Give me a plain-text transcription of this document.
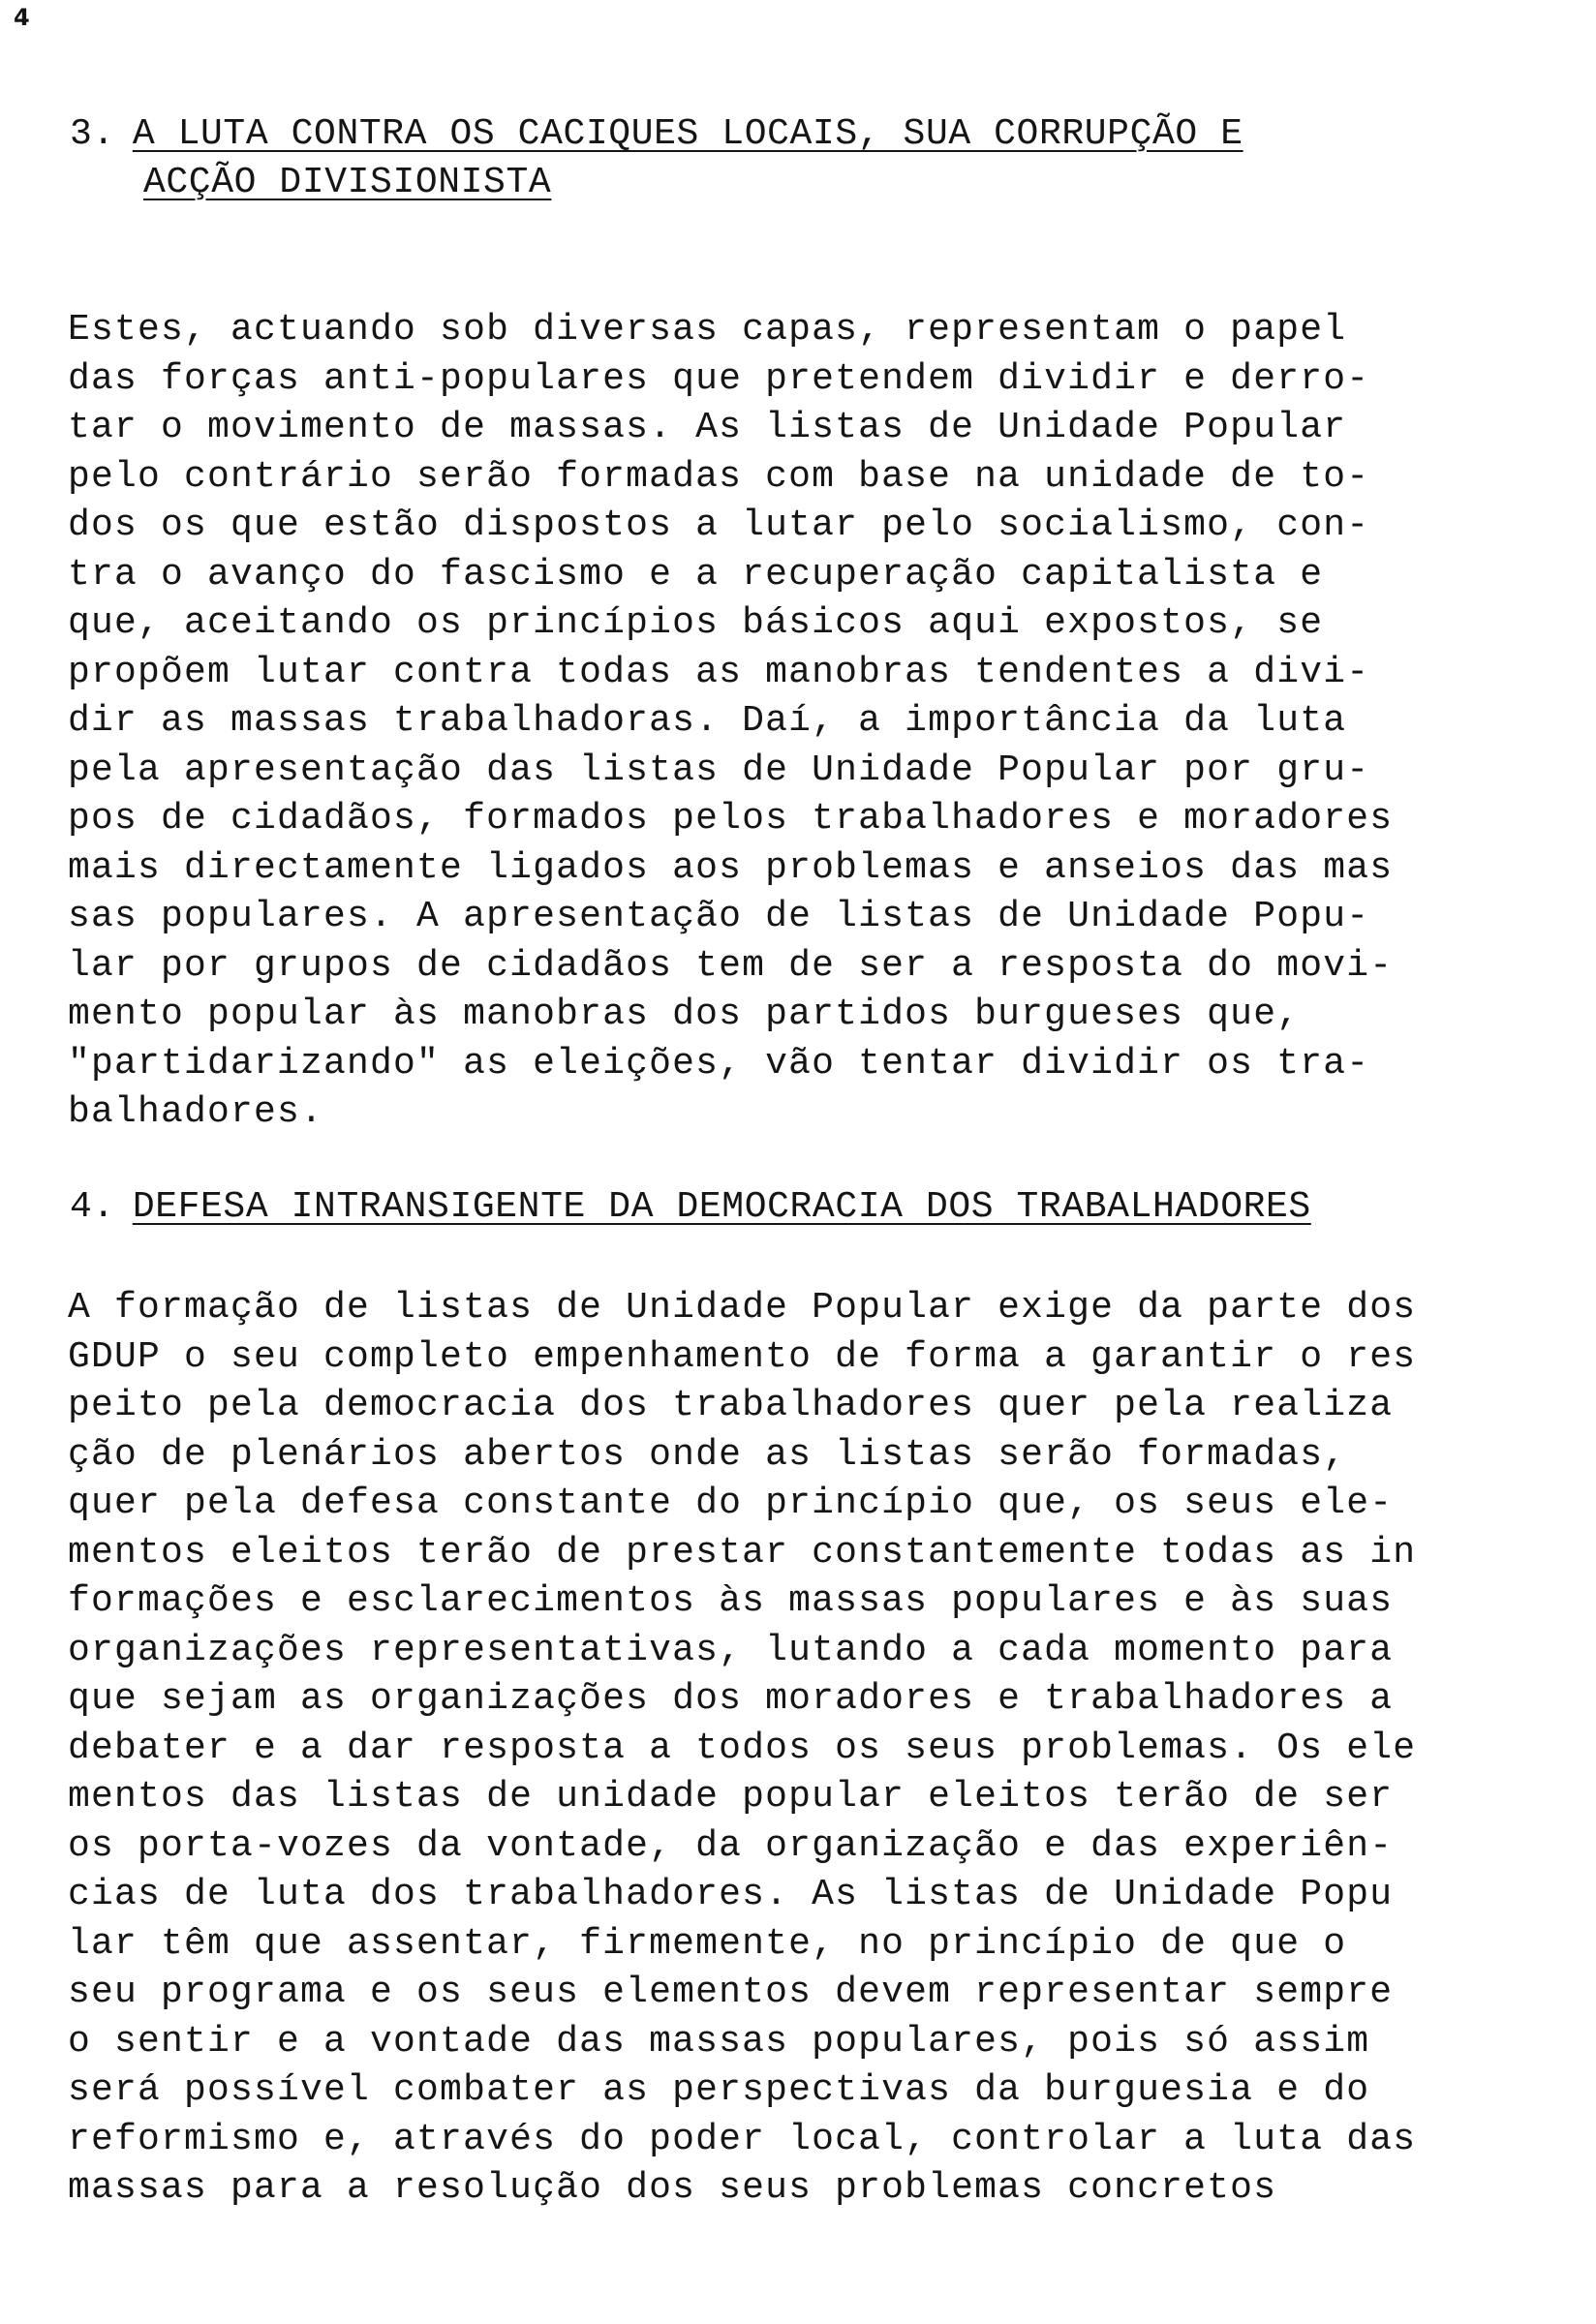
4

3. A LUTA CONTRA OS CACIQUES LOCAIS, SUA CORRUPÇÃO E
ACÇÃO DIVISIONISTA
Estes, actuando sob diversas capas, representam o papel
das forças anti-populares que pretendem dividir e derro-
tar o movimento de massas. As listas de Unidade Popular
pelo contrário serão formadas com base na unidade de to-
dos os que estão dispostos a lutar pelo socialismo, con-
tra o avanço do fascismo e a recuperação capitalista e
que, aceitando os princípios básicos aqui expostos, se
propõem lutar contra todas as manobras tendentes a divi-
dir as massas trabalhadoras. Daí, a importância da luta
pela apresentação das listas de Unidade Popular por gru-
pos de cidadãos, formados pelos trabalhadores e moradores
mais directamente ligados aos problemas e anseios das mas
sas populares. A apresentação de listas de Unidade Popu-
lar por grupos de cidadãos tem de ser a resposta do movi-
mento popular às manobras dos partidos burgueses que,
"partidarizando" as eleições, vão tentar dividir os tra-
balhadores.
4. DEFESA INTRANSIGENTE DA DEMOCRACIA DOS TRABALHADORES
A formação de listas de Unidade Popular exige da parte dos
GDUP o seu completo empenhamento de forma a garantir o res
peito pela democracia dos trabalhadores quer pela realiza
ção de plenários abertos onde as listas serão formadas,
quer pela defesa constante do princípio que, os seus ele-
mentos eleitos terão de prestar constantemente todas as in
formações e esclarecimentos às massas populares e às suas
organizações representativas, lutando a cada momento para
que sejam as organizações dos moradores e trabalhadores a
debater e a dar resposta a todos os seus problemas. Os ele
mentos das listas de unidade popular eleitos terão de ser
os porta-vozes da vontade, da organização e das experiên-
cias de luta dos trabalhadores. As listas de Unidade Popu
lar têm que assentar, firmemente, no princípio de que o
seu programa e os seus elementos devem representar sempre
o sentir e a vontade das massas populares, pois só assim
será possível combater as perspectivas da burguesia e do
reformismo e, através do poder local, controlar a luta das
massas para a resolução dos seus problemas concretos
